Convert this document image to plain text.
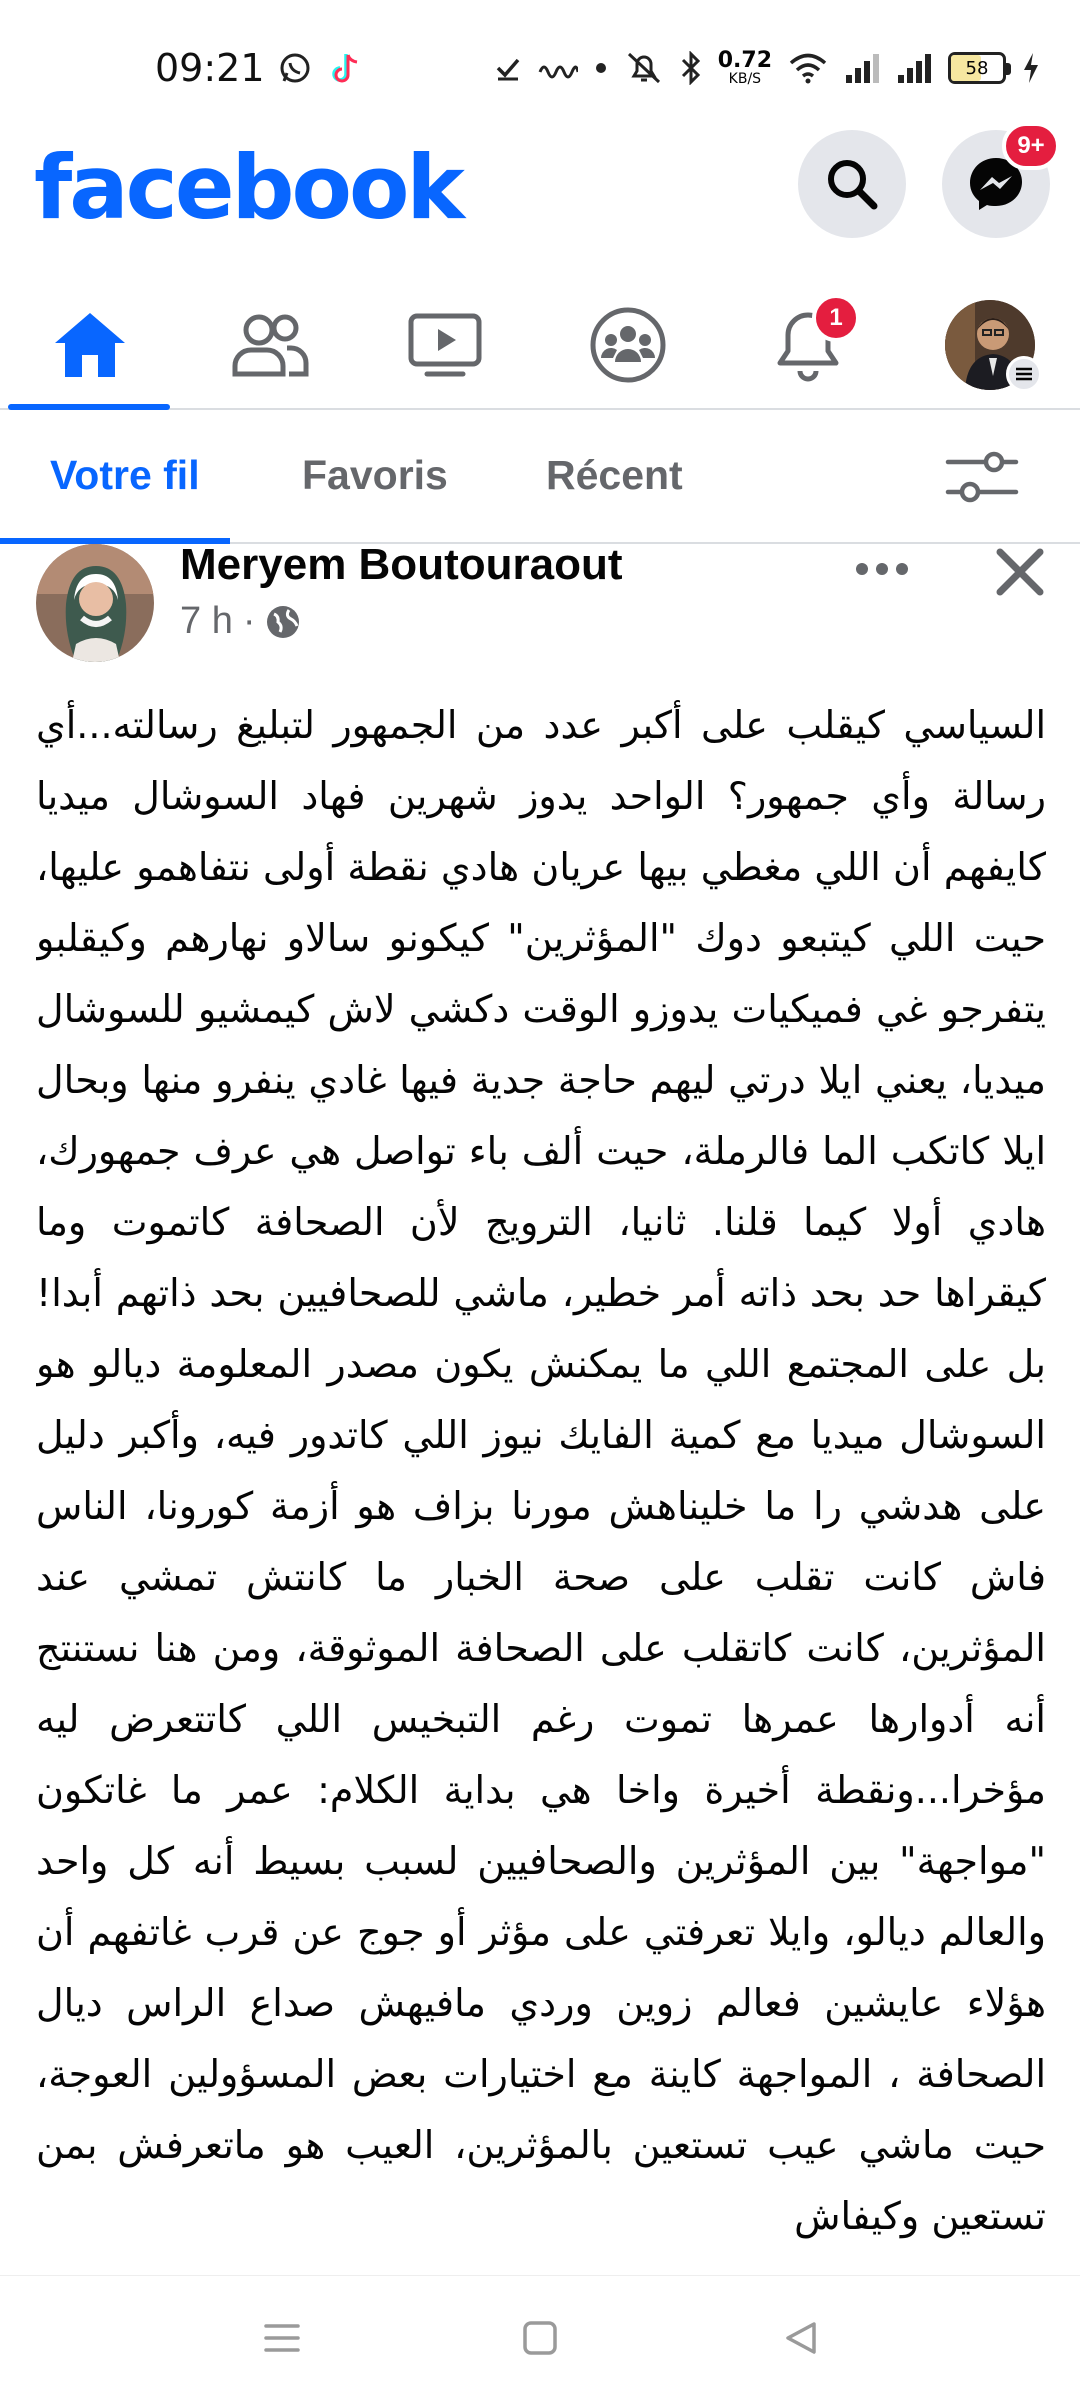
09:21	0.72
KB/S
58
facebook	9+
1
Votre fil Favoris Récent
Meryem Boutouraout
7 h ·
السياسي كيقلب على أكبر عدد من الجمهور لتبليغ رسالته...أي رسالة وأي جمهور؟ الواحد يدوز شهرين فهاد السوشال ميديا كايفهم أن اللي مغطي بيها عريان هادي نقطة أولى نتفاهمو عليها، حيت اللي كيتبعو دوك "المؤثرين" كيكونو سالاو نهارهم وكيقلبو يتفرجو غي فميكيات يدوزو الوقت دكشي لاش كيمشيو للسوشال ميديا، يعني ايلا درتي ليهم حاجة جدية فيها غادي ينفرو منها وبحال ايلا كاتكب الما فالرملة، حيت ألف باء تواصل هي عرف جمهورك، هادي أولا كيما قلنا. ثانيا، الترويج لأن الصحافة كاتموت وما كيقراها حد بحد ذاته أمر خطير، ماشي للصحافيين بحد ذاتهم أبدا! بل على المجتمع اللي ما يمكنش يكون مصدر المعلومة ديالو هو السوشال ميديا مع كمية الفايك نيوز اللي كاتدور فيه، وأكبر دليل على هدشي را ما خليناهش مورنا بزاف هو أزمة كورونا، الناس فاش كانت تقلب على صحة الخبار ما كانتش تمشي عند المؤثرين، كانت كاتقلب على الصحافة الموثوقة، ومن هنا نستنتج أنه أدوارها عمرها تموت رغم التبخيس اللي كاتتعرض ليه مؤخرا...ونقطة أخيرة واخا هي بداية الكلام: عمر ما غاتكون "مواجهة" بين المؤثرين والصحافيين لسبب بسيط أنه كل واحد والعالم ديالو، وايلا تعرفتي على مؤثر أو جوج عن قرب غاتفهم أن هؤلاء عايشين فعالم زوين وردي مافيهش صداع الراس ديال الصحافة ، المواجهة كاينة مع اختيارات بعض المسؤولين العوجة، حيت ماشي عيب تستعين بالمؤثرين، العيب هو ماتعرفش بمن تستعين وكيفاش
